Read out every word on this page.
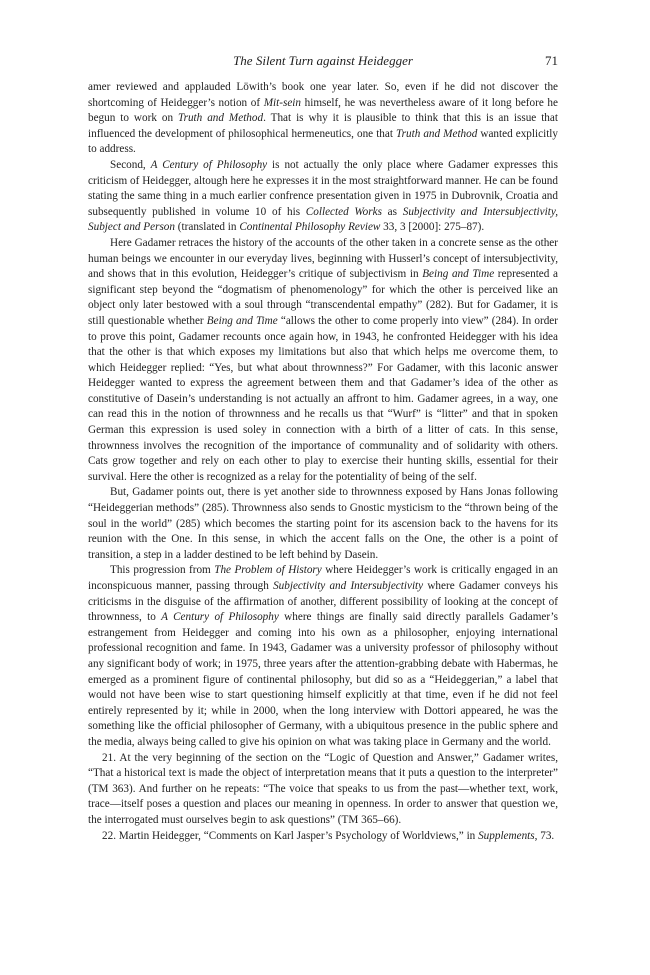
The Silent Turn against Heidegger	71

amer reviewed and applauded Löwith’s book one year later. So, even if he did not discover the shortcoming of Heidegger’s notion of Mit-sein himself, he was nevertheless aware of it long before he begun to work on Truth and Method. That is why it is plausible to think that this is an issue that influenced the development of philosophical hermeneutics, one that Truth and Method wanted explicitly to address.

Second, A Century of Philosophy is not actually the only place where Gadamer expresses this criticism of Heidegger, altough here he expresses it in the most straightforward manner. He can be found stating the same thing in a much earlier confrence presentation given in 1975 in Dubrovnik, Croatia and subsequently published in volume 10 of his Collected Works as Subjectivity and Intersubjectivity, Subject and Person (translated in Continental Philosophy Review 33, 3 [2000]: 275–87).

Here Gadamer retraces the history of the accounts of the other taken in a concrete sense as the other human beings we encounter in our everyday lives, beginning with Husserl’s concept of intersubjectivity, and shows that in this evolution, Heidegger’s critique of subjectivism in Being and Time represented a significant step beyond the “dogmatism of phenomenology” for which the other is perceived like an object only later bestowed with a soul through “transcendental empathy” (282). But for Gadamer, it is still questionable whether Being and Time “allows the other to come properly into view” (284). In order to prove this point, Gadamer recounts once again how, in 1943, he confronted Heidegger with his idea that the other is that which exposes my limitations but also that which helps me overcome them, to which Heidegger replied: “Yes, but what about thrownness?” For Gadamer, with this laconic answer Heidegger wanted to express the agreement between them and that Gadamer’s idea of the other as constitutive of Dasein’s understanding is not actually an affront to him. Gadamer agrees, in a way, one can read this in the notion of thrownness and he recalls us that “Wurf” is “litter” and that in spoken German this expression is used soley in connection with a birth of a litter of cats. In this sense, thrownness involves the recognition of the importance of communality and of solidarity with others. Cats grow together and rely on each other to play to exercise their hunting skills, essential for their survival. Here the other is recognized as a relay for the potentiality of being of the self.

But, Gadamer points out, there is yet another side to thrownness exposed by Hans Jonas following “Heideggerian methods” (285). Thrownness also sends to Gnostic mysticism to the “thrown being of the soul in the world” (285) which becomes the starting point for its ascension back to the havens for its reunion with the One. In this sense, in which the accent falls on the One, the other is a point of transition, a step in a ladder destined to be left behind by Dasein.

This progression from The Problem of History where Heidegger’s work is critically engaged in an inconspicuous manner, passing through Subjectivity and Intersubjectivity where Gadamer conveys his criticisms in the disguise of the affirmation of another, different possibility of looking at the concept of thrownness, to A Century of Philosophy where things are finally said directly parallels Gadamer’s estrangement from Heidegger and coming into his own as a philosopher, enjoying international professional recognition and fame. In 1943, Gadamer was a university professor of philosophy without any significant body of work; in 1975, three years after the attention-grabbing debate with Habermas, he emerged as a prominent figure of continental philosophy, but did so as a “Heideggerian,” a label that would not have been wise to start questioning himself explicitly at that time, even if he did not feel entirely represented by it; while in 2000, when the long interview with Dottori appeared, he was the something like the official philosopher of Germany, with a ubiquitous presence in the public sphere and the media, always being called to give his opinion on what was taking place in Germany and the world.

21. At the very beginning of the section on the “Logic of Question and Answer,” Gadamer writes, “That a historical text is made the object of interpretation means that it puts a question to the interpreter” (TM 363). And further on he repeats: “The voice that speaks to us from the past—whether text, work, trace—itself poses a question and places our meaning in openness. In order to answer that question we, the interrogated must ourselves begin to ask questions” (TM 365–66).

22. Martin Heidegger, “Comments on Karl Jasper’s Psychology of Worldviews,” in Supplements, 73.
